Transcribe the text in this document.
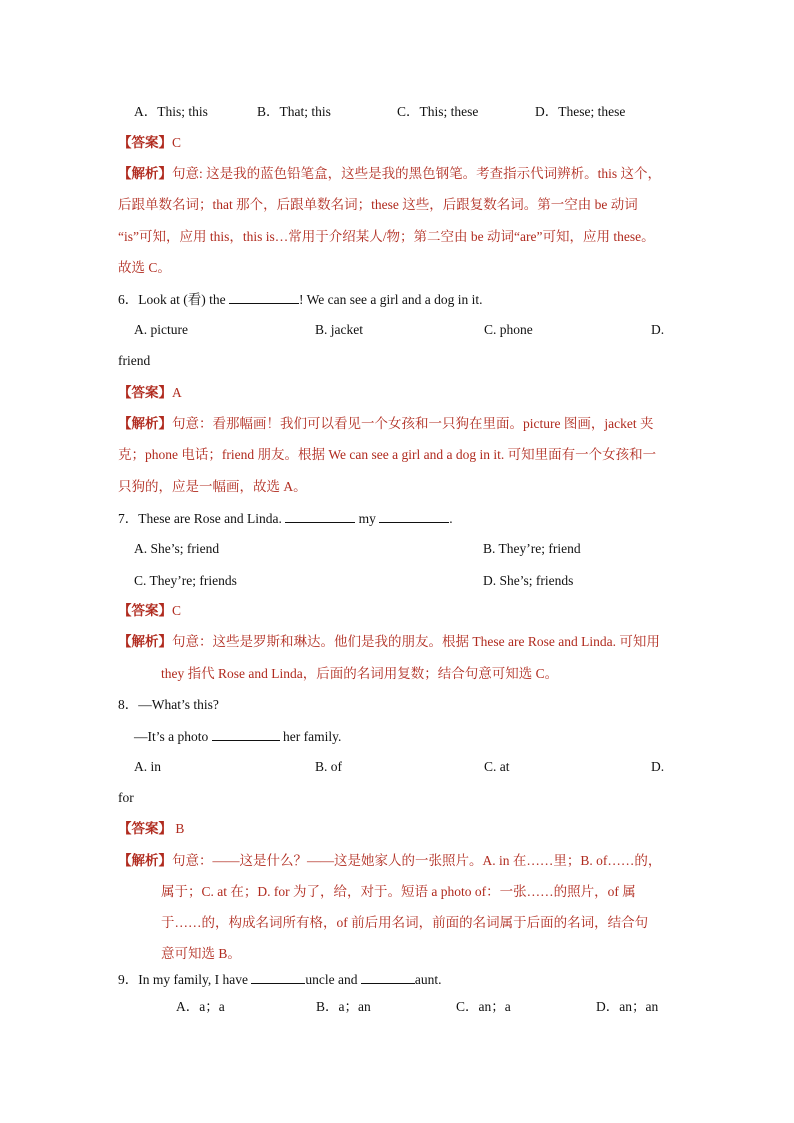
A．This; this	B．That; this	C．This; these	D．These; these
【答案】C
【解析】句意: 这是我的蓝色铅笔盒，这些是我的黑色钢笔。考查指示代词辨析。this 这个，
后跟单数名词；that 那个，后跟单数名词；these 这些，后跟复数名词。第一空由 be 动词
“is”可知，应用 this，this is…常用于介绍某人/物；第二空由 be 动词“are”可知，应用 these。
故选 C。
6．Look at (看) the	! We can see a girl and a dog in it.
A. picture	B. jacket	C. phone	D.
friend
【答案】A
【解析】句意：看那幅画！我们可以看见一个女孩和一只狗在里面。picture 图画，jacket 夹
克；phone 电话；friend 朋友。根据 We can see a girl and a dog in it. 可知里面有一个女孩和一
只狗的，应是一幅画，故选 A。
7．These are Rose and Linda.	my	.
A. She’s; friend	B. They’re; friend
C. They’re; friends	D. She’s; friends
【答案】C
【解析】句意：这些是罗斯和琳达。他们是我的朋友。根据 These are Rose and Linda. 可知用
they 指代 Rose and Linda，后面的名词用复数；结合句意可知选 C。
8．—What’s this?
—It’s a photo	her family.
A. in	B. of	C. at	D.
for
【答案】 B
【解析】句意：——这是什么？——这是她家人的一张照片。A. in 在……里；B. of……的，
属于；C. at 在；D. for 为了，给，对于。短语 a photo of：一张……的照片，of 属
于……的，构成名词所有格，of 前后用名词，前面的名词属于后面的名词，结合句
意可知选 B。
9．In my family, I have	uncle and	aunt.
A．a；a	B．a；an	C．an；a	D．an；an
